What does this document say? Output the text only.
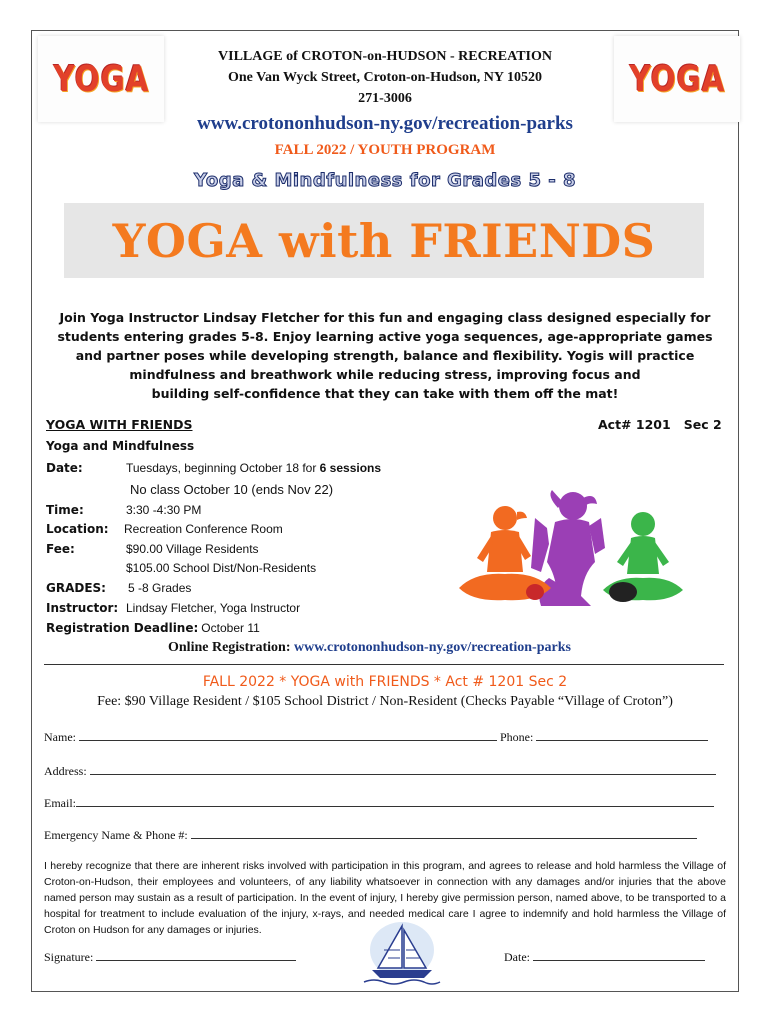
YOGA	YOGA
VILLAGE of CROTON-on-HUDSON - RECREATION
One Van Wyck Street, Croton-on-Hudson, NY 10520
271-3006
www.crotononhudson-ny.gov/recreation-parks
FALL 2022 / YOUTH PROGRAM
Yoga & Mindfulness for Grades 5 - 8
YOGA with FRIENDS
Join Yoga Instructor Lindsay Fletcher for this fun and engaging class designed especially for
students entering grades 5-8. Enjoy learning active yoga sequences, age-appropriate games
and partner poses while developing strength, balance and flexibility. Yogis will practice
mindfulness and breathwork while reducing stress, improving focus and
building self-confidence that they can take with them off the mat!
YOGA WITH FRIENDS	Act# 1201   Sec 2
Yoga and Mindfulness
Date:	Tuesdays, beginning October 18 for 6 sessions
No class October 10 (ends Nov 22)
Time:	3:30 -4:30 PM
Location: Recreation Conference Room
Fee:	$90.00 Village Residents
$105.00 School Dist/Non-Residents
GRADES: 5 -8 Grades
Instructor: Lindsay Fletcher, Yoga Instructor
Registration Deadline: October 11
Online Registration: www.crotononhudson-ny.gov/recreation-parks
FALL 2022 * YOGA with FRIENDS * Act # 1201 Sec 2
Fee: $90 Village Resident / $105 School District / Non-Resident (Checks Payable “Village of Croton”)
Name:	Phone:
Address:
Email:
Emergency Name & Phone #:
I hereby recognize that there are inherent risks involved with participation in this program, and agrees to release and hold harmless the Village of Croton-on-Hudson, their employees and volunteers, of any liability whatsoever in connection with any damages and/or injuries that the above named person may sustain as a result of participation. In the event of injury, I hereby give permission person, named above, to be transported to a hospital for treatment to include evaluation of the injury, x-rays, and needed medical care I agree to indemnify and hold harmless the Village of Croton on Hudson for any damages or injuries.
Signature:	Date:
